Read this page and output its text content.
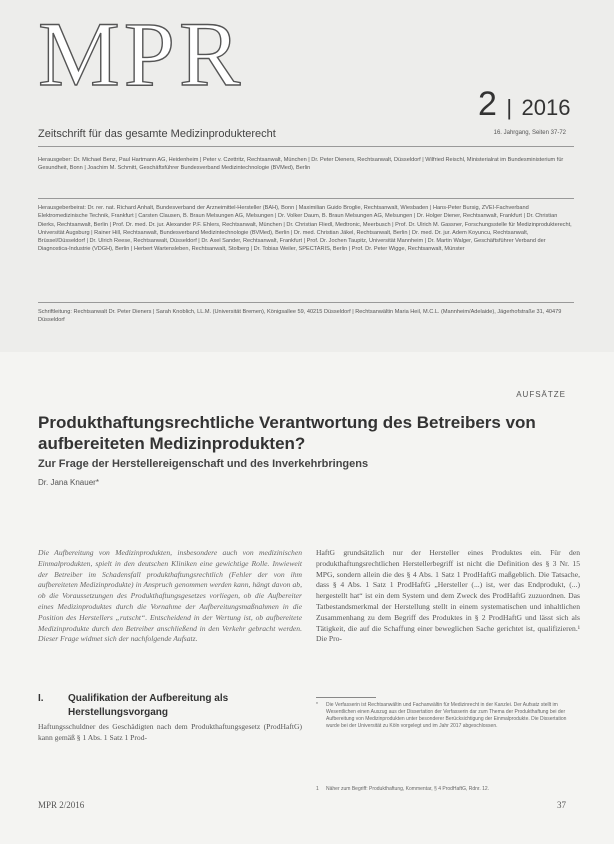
MPR	2 | 2016
Zeitschrift für das gesamte Medizinprodukterecht	16. Jahrgang, Seiten 37-72
Herausgeber: Dr. Michael Benz, Paul Hartmann AG, Heidenheim | Peter v. Czettritz, Rechtsanwalt, München | Dr. Peter Dieners, Rechtsanwalt, Düsseldorf | Wilfried Reischl, Ministerialrat im Bundesministerium für Gesundheit, Bonn | Joachim M. Schmitt, Geschäftsführer Bundesverband Medizintechnologie (BVMed), Berlin
Herausgeberbeirat: Dr. rer. nat. Richard Anhalt, Bundesverband der Arzneimittel-Hersteller (BAH), Bonn | Maximilian Guido Broglie, Rechtsanwalt, Wiesbaden | Hans-Peter Bursig, ZVEI-Fachverband Elektromedizinische Technik, Frankfurt | Carsten Clausen, B. Braun Melsungen AG, Melsungen | Dr. Volker Daum, B. Braun Melsungen AG, Melsungen | Dr. Holger Diener, Rechtsanwalt, Frankfurt | Dr. Christian Dierks, Rechtsanwalt, Berlin | Prof. Dr. med. Dr. jur. Alexander P.F. Ehlers, Rechtsanwalt, München | Dr. Christian Fliedl, Medtronic, Meerbusch | Prof. Dr. Ulrich M. Gassner, Forschungsstelle für Medizinprodukterecht, Universität Augsburg | Rainer Hill, Rechtsanwalt, Bundesverband Medizintechnologie (BVMed), Berlin | Dr. med. Christian Jäkel, Rechtsanwalt, Berlin | Dr. med. Dr. jur. Adem Koyuncu, Rechtsanwalt, Brüssel/Düsseldorf | Dr. Ulrich Reese, Rechtsanwalt, Düsseldorf | Dr. Axel Sander, Rechtsanwalt, Frankfurt | Prof. Dr. Jochen Taupitz, Universität Mannheim | Dr. Martin Walger, Geschäftsführer Verband der Diagnostica-Industrie (VDGH), Berlin | Herbert Wartensleben, Rechtsanwalt, Stolberg | Dr. Tobias Weiler, SPECTARIS, Berlin | Prof. Dr. Peter Wigge, Rechtsanwalt, Münster
Schriftleitung: Rechtsanwalt Dr. Peter Dieners | Sarah Knoblich, LL.M. (Universität Bremen), Königsallee 59, 40215 Düsseldorf | Rechtsanwältin Maria Heil, M.C.L. (Mannheim/Adelaide), Jägerhofstraße 31, 40479 Düsseldorf
AUFSÄTZE
Produkthaftungsrechtliche Verantwortung des Betreibers von aufbereiteten Medizinprodukten?
Zur Frage der Herstellereigenschaft und des Inverkehrbringens
Dr. Jana Knauer*
Die Aufbereitung von Medizinprodukten, insbesondere auch von medizinischen Einmalprodukten, spielt in den deutschen Kliniken eine gewichtige Rolle. Inwieweit der Betreiber im Schadensfall produkthaftungsrechtlich (Fehler der von ihm aufbereiteten Medizinprodukte) in Anspruch genommen werden kann, hängt davon ab, ob die Voraussetzungen des Produkthaftungsgesetzes vorliegen, ob die Aufbereiter eines Medizinproduktes durch die Vornahme der Aufbereitungsmaßnahmen in die Position des Herstellers „rutscht“. Entscheidend in der Wertung ist, ob aufbereitete Medizinprodukte durch den Betreiber anschließend in den Verkehr gebracht werden. Dieser Frage widmet sich der nachfolgende Aufsatz.
HaftG grundsätzlich nur der Hersteller eines Produktes ein. Für den produkthaftungsrechtlichen Herstellerbegriff ist nicht die Definition des § 3 Nr. 15 MPG, sondern allein die des § 4 Abs. 1 Satz 1 ProdHaftG maßgeblich. Die Tatsache, dass § 4 Abs. 1 Satz 1 ProdHaftG „Hersteller (...) ist, wer das Endprodukt, (...) hergestellt hat“ ist ein dem System und dem Zweck des ProdHaftG zuzuordnen. Das Tatbestandsmerkmal der Herstellung stellt in einem systematischen und inhaltlichen Zusammenhang zu dem Begriff des Produktes in § 2 ProdHaftG und lässt sich als Tätigkeit, die auf die Schaffung einer beweglichen Sache gerichtet ist, qualifizieren.¹ Die Pro-
I.	Qualifikation der Aufbereitung als Herstellungsvorgang
Haftungsschuldner des Geschädigten nach dem Produkthaftungsgesetz (ProdHaftG) kann gemäß § 1 Abs. 1 Satz 1 Prod-
*	Die Verfasserin ist Rechtsanwältin und Fachanwältin für Medizinrecht in der Kanzlei. Der Aufsatz stellt im Wesentlichen einen Auszug aus der Dissertation der Verfasserin dar zum Thema der Produkthaftung bei der Aufbereitung von Medizinprodukten unter besonderer Berücksichtigung der Einmalprodukte. Die Dissertation wurde bei der Universität zu Köln vorgelegt und im Jahr 2017 abgeschlossen.
1	Näher zum Begriff: Produkthaftung, Kommentar, § 4 ProdHaftG, Rdnr. 12.
MPR 2/2016	37
